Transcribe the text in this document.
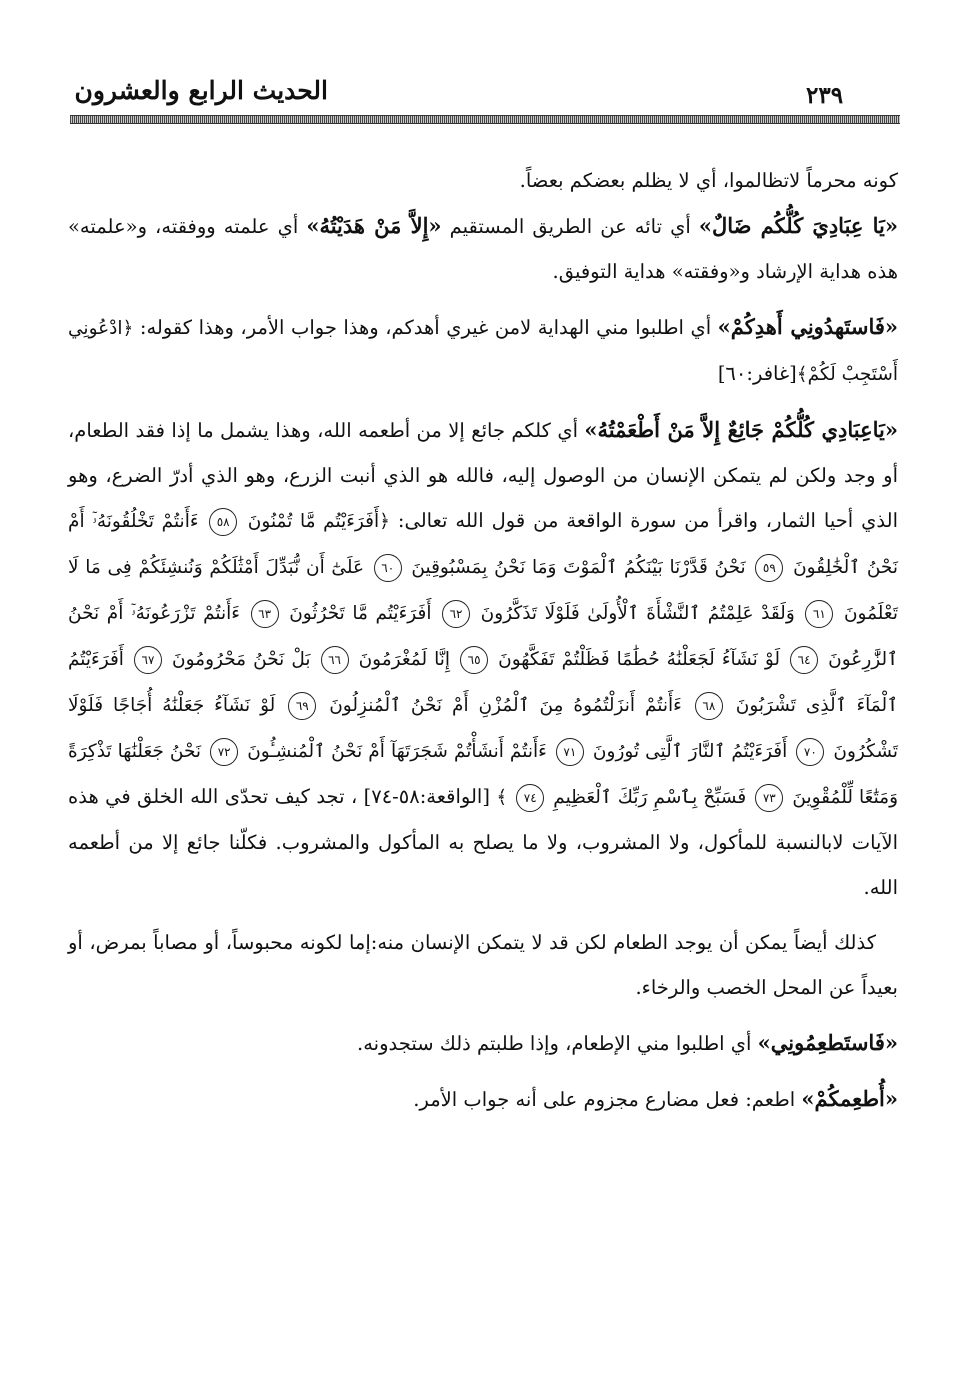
الحديث الرابع والعشرون	٢٣٩

كونه محرماً لاتظالموا، أي لا يظلم بعضكم بعضاً.

«يَا عِبَادِيَ كُلُّكُم ضَالٌ» أي تائه عن الطريق المستقيم «إِلاَّ مَنْ هَدَيْتُهُ» أي علمته ووفقته، و«علمته» هذه هداية الإرشاد و«وفقته» هداية التوفيق.

«فَاستَهدُونِي أَهدِكُمْ» أي اطلبوا مني الهداية لامن غيري أهدكم، وهذا جواب الأمر، وهذا كقوله: ﴿ادْعُونِي أَسْتَجِبْ لَكُمْ﴾[غافر:٦٠]

«يَاعِبَادِي كُلُّكُمْ جَائِعٌ إِلاَّ مَنْ أَطْعَمْتُهُ» أي كلكم جائع إلا من أطعمه الله، وهذا يشمل ما إذا فقد الطعام، أو وجد ولكن لم يتمكن الإنسان من الوصول إليه، فالله هو الذي أنبت الزرع، وهو الذي أدرّ الضرع، وهو الذي أحيا الثمار، واقرأ من سورة الواقعة من قول الله تعالى: ﴿أَفَرَءَيْتُم مَّا تُمْنُونَ ٥٨ ءَأَنتُمْ تَخْلُقُونَهُۥٓ أَمْ نَحْنُ ٱلْخَٰلِقُونَ ٥٩ نَحْنُ قَدَّرْنَا بَيْنَكُمُ ٱلْمَوْتَ وَمَا نَحْنُ بِمَسْبُوقِينَ ٦٠ عَلَىٰٓ أَن نُّبَدِّلَ أَمْثَٰلَكُمْ وَنُنشِئَكُمْ فِى مَا لَا تَعْلَمُونَ ٦١ وَلَقَدْ عَلِمْتُمُ ٱلنَّشْأَةَ ٱلْأُولَىٰ فَلَوْلَا تَذَكَّرُونَ ٦٢ أَفَرَءَيْتُم مَّا تَحْرُثُونَ ٦٣ ءَأَنتُمْ تَزْرَعُونَهُۥٓ أَمْ نَحْنُ ٱلزَّٰرِعُونَ ٦٤ لَوْ نَشَآءُ لَجَعَلْنَٰهُ حُطَٰمًا فَظَلْتُمْ تَفَكَّهُونَ ٦٥ إِنَّا لَمُغْرَمُونَ ٦٦ بَلْ نَحْنُ مَحْرُومُونَ ٦٧ أَفَرَءَيْتُمُ ٱلْمَآءَ ٱلَّذِى تَشْرَبُونَ ٦٨ ءَأَنتُمْ أَنزَلْتُمُوهُ مِنَ ٱلْمُزْنِ أَمْ نَحْنُ ٱلْمُنزِلُونَ ٦٩ لَوْ نَشَآءُ جَعَلْنَٰهُ أُجَاجًا فَلَوْلَا تَشْكُرُونَ ٧٠ أَفَرَءَيْتُمُ ٱلنَّارَ ٱلَّتِى تُورُونَ ٧١ ءَأَنتُمْ أَنشَأْتُمْ شَجَرَتَهَآ أَمْ نَحْنُ ٱلْمُنشِـُٔونَ ٧٢ نَحْنُ جَعَلْنَٰهَا تَذْكِرَةً وَمَتَٰعًا لِّلْمُقْوِينَ ٧٣ فَسَبِّحْ بِٱسْمِ رَبِّكَ ٱلْعَظِيمِ ٧٤ ﴾ [الواقعة:٥٨-٧٤] ، تجد كيف تحدّى الله الخلق في هذه الآيات لابالنسبة للمأكول، ولا المشروب، ولا ما يصلح به المأكول والمشروب. فكلّنا جائع إلا من أطعمه الله.

كذلك أيضاً يمكن أن يوجد الطعام لكن قد لا يتمكن الإنسان منه:إما لكونه محبوساً، أو مصاباً بمرض، أو بعيداً عن المحل الخصب والرخاء.

«فَاستَطعِمُونِي» أي اطلبوا مني الإطعام، وإذا طلبتم ذلك ستجدونه.

«أُطعِمكُمْ» اطعم: فعل مضارع مجزوم على أنه جواب الأمر.
